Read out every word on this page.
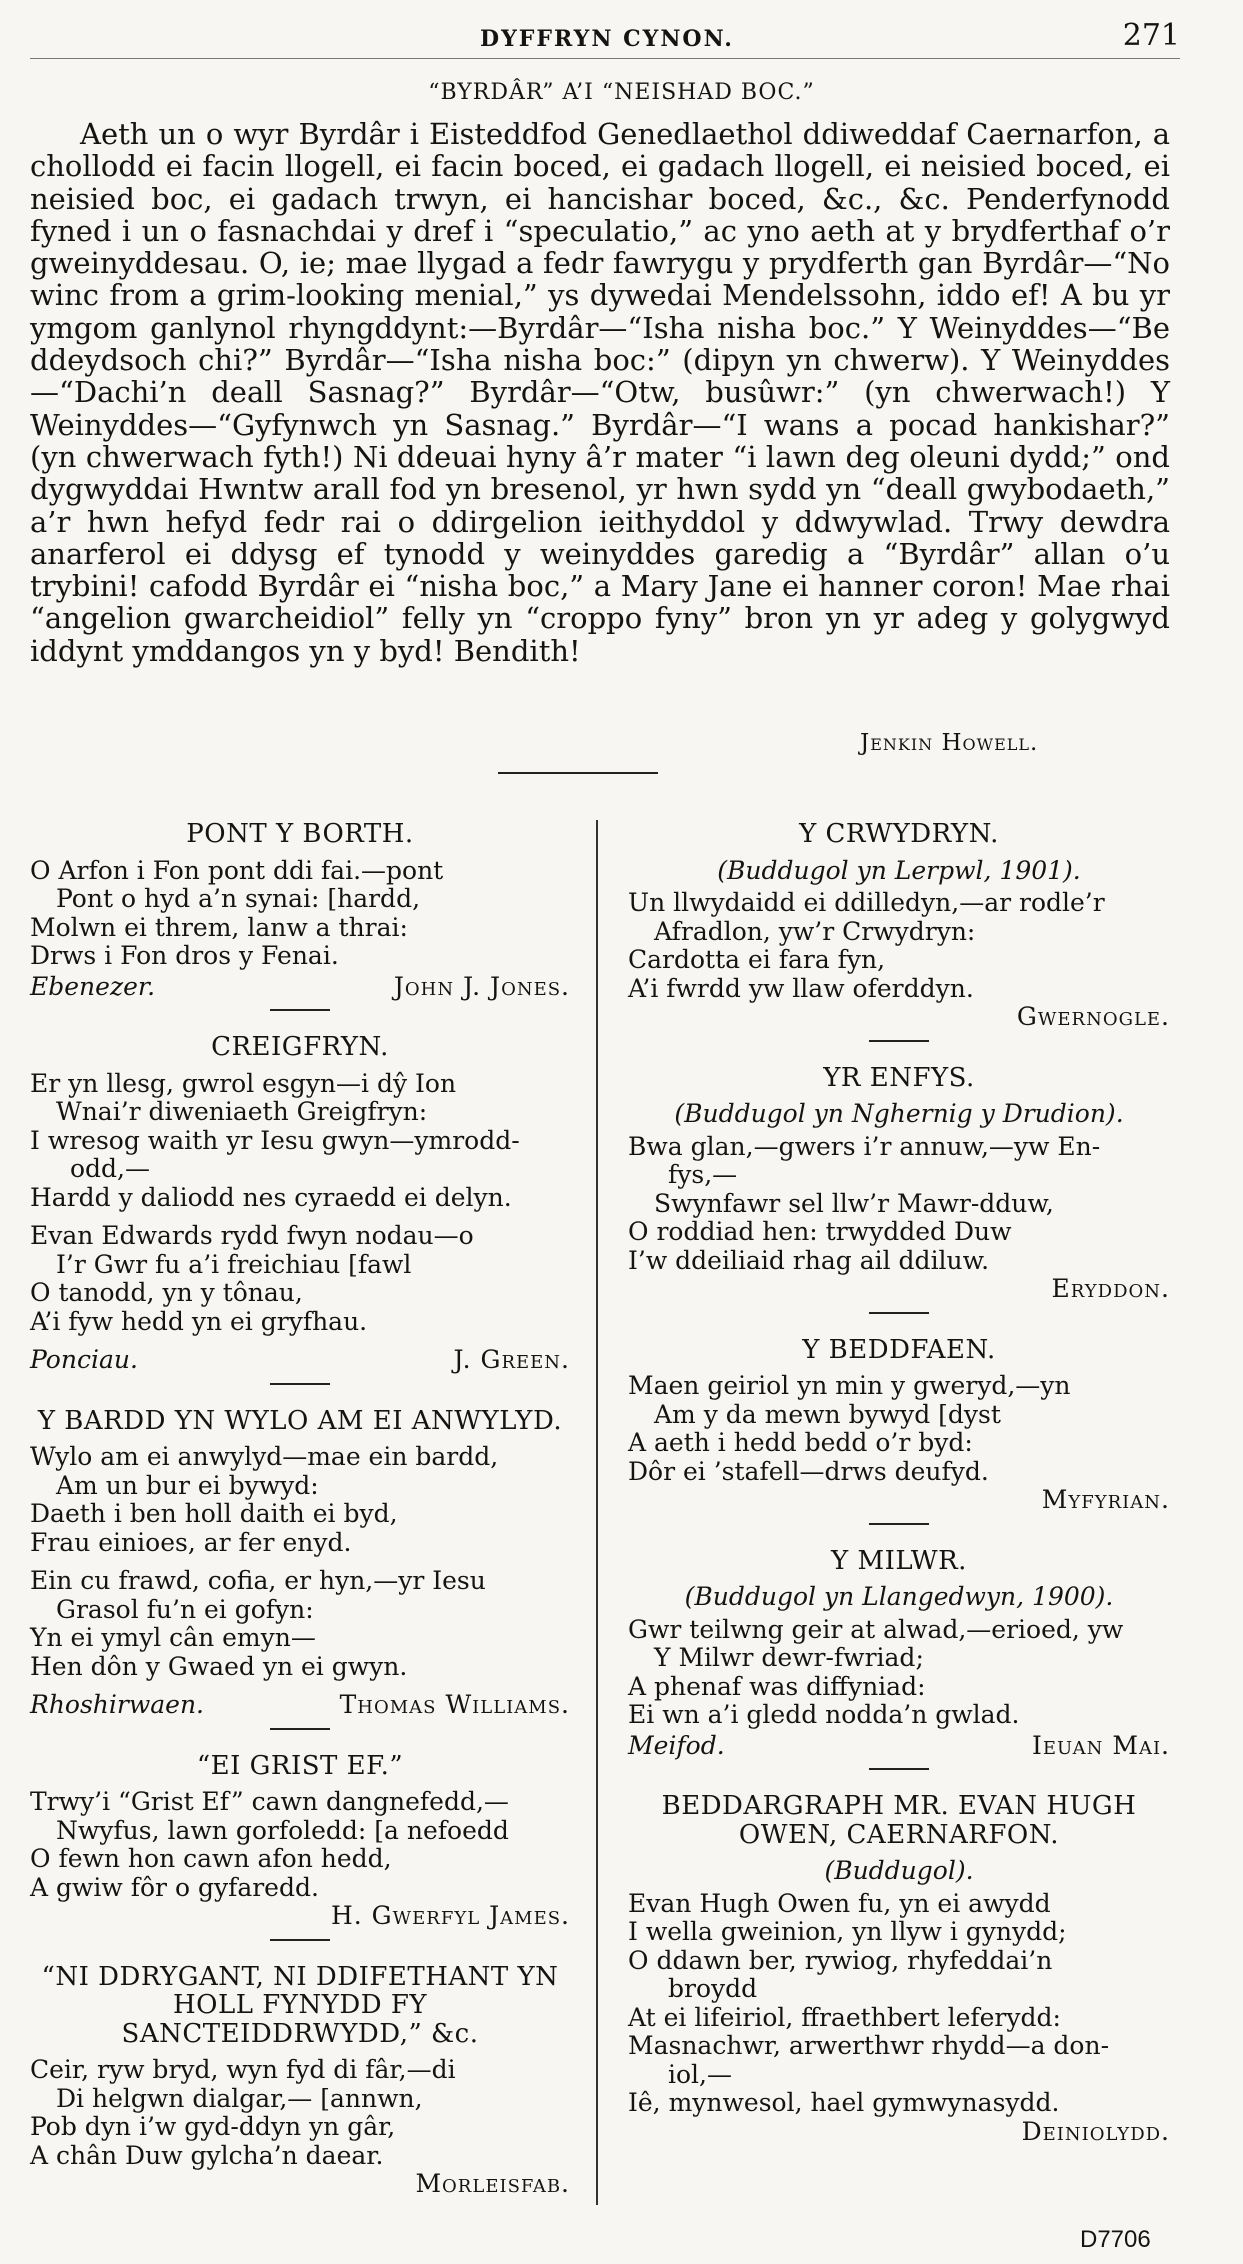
DYFFRYN CYNON.	271
“BYRDÂR” A’I “NEISHAD BOC.”

Aeth un o wyr Byrdâr i Eisteddfod Genedlaethol ddiweddaf Caernarfon, a chollodd ei facin llogell, ei facin boced, ei gadach llogell, ei neisied boced, ei neisied boc, ei gadach trwyn, ei hancishar boced, &c., &c. Penderfynodd fyned i un o fasnachdai y dref i “speculatio,” ac yno aeth at y brydferthaf o’r gweinyddesau. O, ie; mae llygad a fedr fawrygu y prydferth gan Byrdâr—“No winc from a grim-looking menial,” ys dywedai Mendelssohn, iddo ef! A bu yr ymgom ganlynol rhyngddynt:—Byrdâr—“Isha nisha boc.” Y Weinyddes—“Be ddeydsoch chi?” Byrdâr—“Isha nisha boc:” (dipyn yn chwerw). Y Weinyddes—“Dachi’n deall Sasnag?” Byrdâr—“Otw, busûwr:” (yn chwerwach!) Y Weinyddes—“Gyfynwch yn Sasnag.” Byrdâr—“I wans a pocad hankishar?” (yn chwerwach fyth!) Ni ddeuai hyny â’r mater “i lawn deg oleuni dydd;” ond dygwyddai Hwntw arall fod yn bresenol, yr hwn sydd yn “deall gwybodaeth,” a’r hwn hefyd fedr rai o ddirgelion ieithyddol y ddwywlad. Trwy dewdra anarferol ei ddysg ef tynodd y weinyddes garedig a “Byrdâr” allan o’u trybini! cafodd Byrdâr ei “nisha boc,” a Mary Jane ei hanner coron! Mae rhai “angelion gwarcheidiol” felly yn “croppo fyny” bron yn yr adeg y golygwyd iddynt ymddangos yn y byd! Bendith!

Jenkin Howell.
PONT Y BORTH.
O Arfon i Fon pont ddi fai.—pont
Pont o hyd a’n synai: [hardd,
Molwn ei threm, lanw a thrai:
Drws i Fon dros y Fenai.
Ebenezer.	John J. Jones.
CREIGFRYN.
Er yn llesg, gwrol esgyn—i dŷ Ion
Wnai’r diweniaeth Greigfryn:
I wresog waith yr Iesu gwyn—ymrodd-
odd,—
Hardd y daliodd nes cyraedd ei delyn.
Evan Edwards rydd fwyn nodau—o
I’r Gwr fu a’i freichiau [fawl
O tanodd, yn y tônau,
A’i fyw hedd yn ei gryfhau.
Ponciau.	J. Green.
Y BARDD YN WYLO AM EI ANWYLYD.
Wylo am ei anwylyd—mae ein bardd,
Am un bur ei bywyd:
Daeth i ben holl daith ei byd,
Frau einioes, ar fer enyd.
Ein cu frawd, cofia, er hyn,—yr Iesu
Grasol fu’n ei gofyn:
Yn ei ymyl cân emyn—
Hen dôn y Gwaed yn ei gwyn.
Rhoshirwaen.	Thomas Williams.
“EI GRIST EF.”
Trwy’i “Grist Ef” cawn dangnefedd,—
Nwyfus, lawn gorfoledd: [a nefoedd
O fewn hon cawn afon hedd,
A gwiw fôr o gyfaredd.
H. Gwerfyl James.
“NI DDRYGANT, NI DDIFETHANT YN HOLL FYNYDD FY SANCTEIDDRWYDD,” &c.
Ceir, ryw bryd, wyn fyd di fâr,—di
Di helgwn dialgar,— [annwn,
Pob dyn i’w gyd-ddyn yn gâr,
A chân Duw gylcha’n daear.
Morleisfab.
Y CRWYDRYN.
(Buddugol yn Lerpwl, 1901).
Un llwydaidd ei ddilledyn,—ar rodle’r
Afradlon, yw’r Crwydryn:
Cardotta ei fara fyn,
A’i fwrdd yw llaw oferddyn.
Gwernogle.
YR ENFYS.
(Buddugol yn Nghernig y Drudion).
Bwa glan,—gwers i’r annuw,—yw En-
fys,—
Swynfawr sel llw’r Mawr-dduw,
O roddiad hen: trwydded Duw
I’w ddeiliaid rhag ail ddiluw.
Eryddon.
Y BEDDFAEN.
Maen geiriol yn min y gweryd,—yn
Am y da mewn bywyd [dyst
A aeth i hedd bedd o’r byd:
Dôr ei ’stafell—drws deufyd.
Myfyrian.
Y MILWR.
(Buddugol yn Llangedwyn, 1900).
Gwr teilwng geir at alwad,—erioed, yw
Y Milwr dewr-fwriad;
A phenaf was diffyniad:
Ei wn a’i gledd nodda’n gwlad.
Meifod.	Ieuan Mai.
BEDDARGRAPH MR. EVAN HUGH OWEN, CAERNARFON.
(Buddugol).
Evan Hugh Owen fu, yn ei awydd
I wella gweinion, yn llyw i gynydd;
O ddawn ber, rywiog, rhyfeddai’n
broydd
At ei lifeiriol, ffraethbert leferydd:
Masnachwr, arwerthwr rhydd—a don-
iol,—
Iê, mynwesol, hael gymwynasydd.
Deiniolydd.
D7706
